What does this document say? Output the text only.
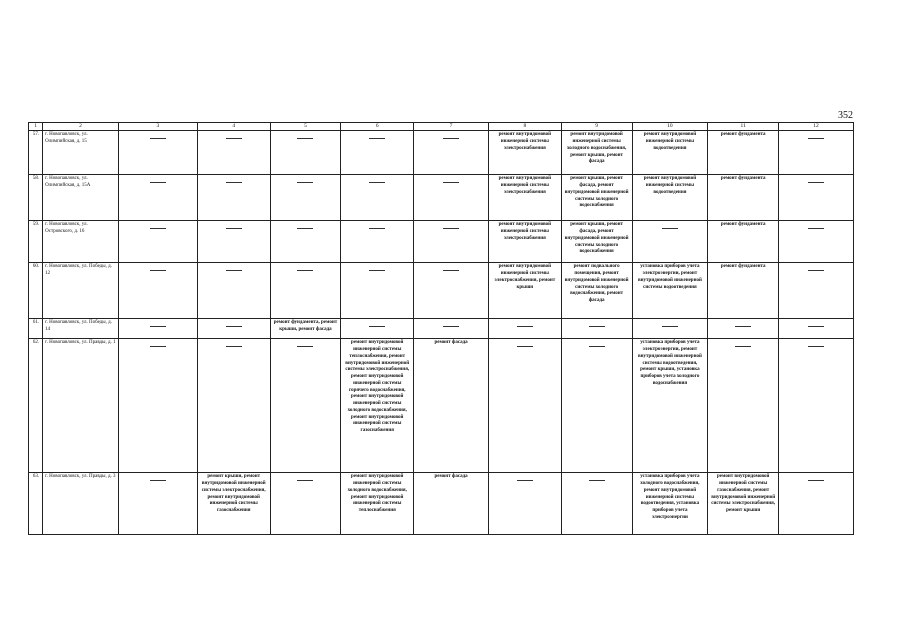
352
1	2	3	4	5	6	7	8	9	10	11	12
57.	г. Новопавловск, ул. Олимпийская, д. 15						ремонт внутридомовой инженерной системы электроснабжения	ремонт внутридомовой инженерной системы холодного водоснабжения, ремонт крыши, ремонт фасада	ремонт внутридомовой инженерной системы водоотведения	ремонт фундамента	
58.	г. Новопавловск, ул. Олимпийская, д. 15А						ремонт внутридомовой инженерной системы электроснабжения	ремонт крыши, ремонт фасада, ремонт внутридомовой инженерной системы холодного водоснабжения	ремонт внутридомовой инженерной системы водоотведения	ремонт фундамента	
59.	г. Новопавловск, ул. Островского, д. 16						ремонт внутридомовой инженерной системы электроснабжения	ремонт крыши, ремонт фасада, ремонт внутридомовой инженерной системы холодного водоснабжения		ремонт фундамента	
60.	г. Новопавловск, ул. Победы, д. 12						ремонт внутридомовой инженерной системы электроснабжения, ремонт крыши	ремонт подвального помещения, ремонт внутридомовой инженерной системы холодного водоснабжения, ремонт фасада	установка приборов учета электроэнергии, ремонт внутридомовой инженерной системы водоотведения	ремонт фундамента	
61.	г. Новопавловск, ул. Победы, д. 14			ремонт фундамента, ремонт крыши, ремонт фасада							
62.	г. Новопавловск, ул. Правды, д. 1				ремонт внутридомовой инженерной системы теплоснабжения, ремонт внутридомовой инженерной системы электроснабжения, ремонт внутридомовой инженерной системы горячего водоснабжения, ремонт внутридомовой инженерной системы холодного водоснабжения, ремонт внутридомовой инженерной системы газоснабжения	ремонт фасада			установка приборов учета электроэнергии, ремонт внутридомовой инженерной системы водоотведения, ремонт крыши, установка приборов учета холодного водоснабжения		
63.	г. Новопавловск, ул. Правды, д. 3		ремонт крыши, ремонт внутридомовой инженерной системы электроснабжения, ремонт внутридомовой инженерной системы газоснабжения		ремонт внутридомовой инженерной системы холодного водоснабжения, ремонт внутридомовой инженерной системы теплоснабжения	ремонт фасада			установка приборов учета холодного водоснабжения, ремонт внутридомовой инженерной системы водоотведения, установка приборов учета электроэнергии	ремонт внутридомовой инженерной системы газоснабжения, ремонт внутридомовой инженерной системы электроснабжения, ремонт крыши	
